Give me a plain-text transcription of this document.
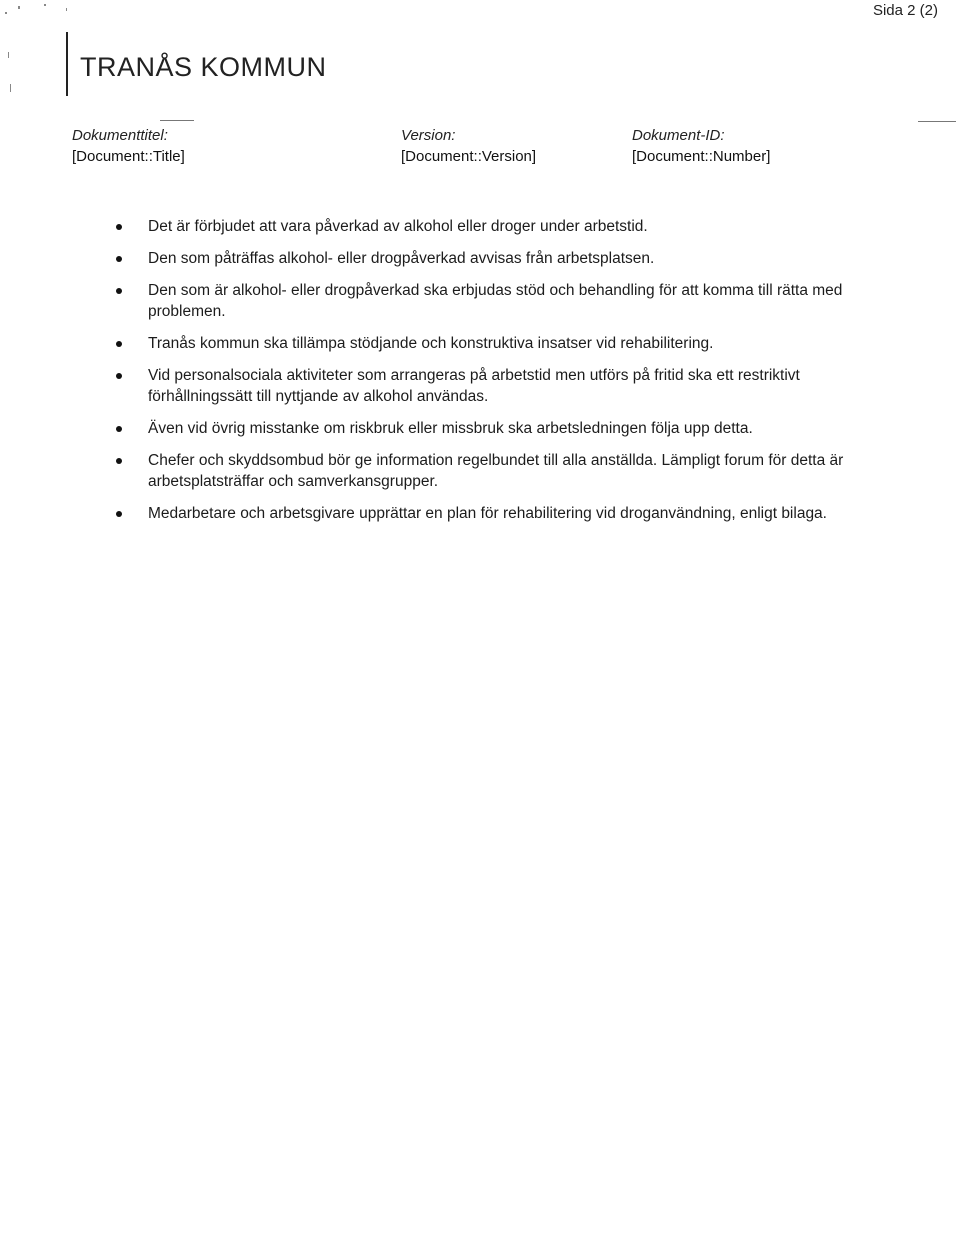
Sida 2 (2)
TRANÅS KOMMUN
Dokumenttitel:
[Document::Title]
Version:
[Document::Version]
Dokument-ID:
[Document::Number]
Det är förbjudet att vara påverkad av alkohol eller droger under arbetstid.
Den som påträffas alkohol- eller drogpåverkad avvisas från arbetsplatsen.
Den som är alkohol- eller drogpåverkad ska erbjudas stöd och behandling för att komma till rätta med problemen.
Tranås kommun ska tillämpa stödjande och konstruktiva insatser vid rehabilitering.
Vid personalsociala aktiviteter som arrangeras på arbetstid men utförs på fritid ska ett restriktivt förhållningssätt till nyttjande av alkohol användas.
Även vid övrig misstanke om riskbruk eller missbruk ska arbetsledningen följa upp detta.
Chefer och skyddsombud bör ge information regelbundet till alla anställda. Lämpligt forum för detta är arbetsplatsträffar och samverkansgrupper.
Medarbetare och arbetsgivare upprättar en plan för rehabilitering vid droganvändning, enligt bilaga.
